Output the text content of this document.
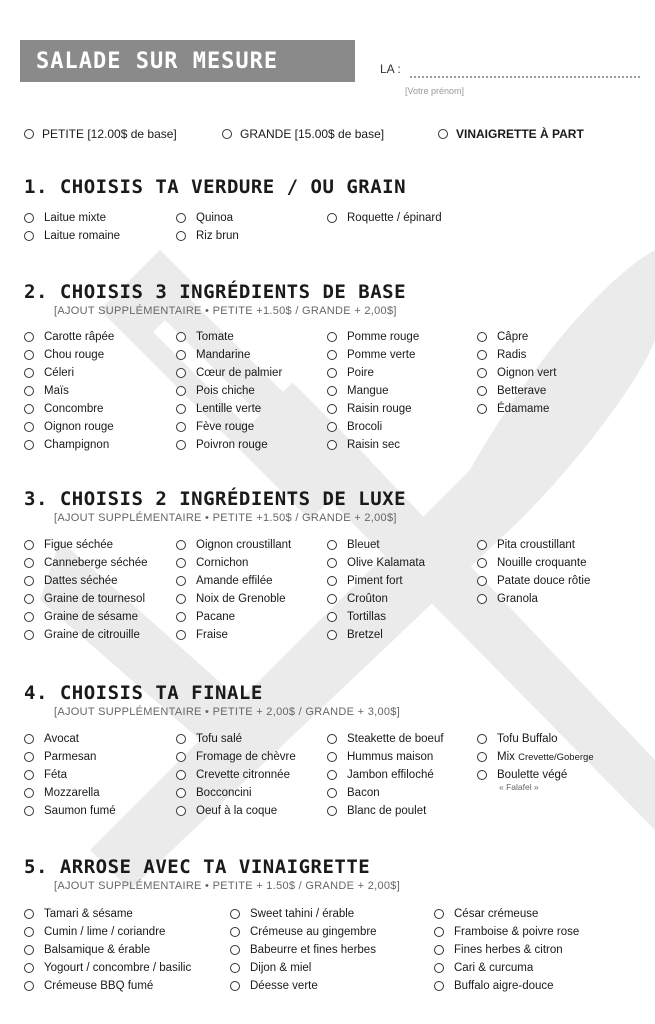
SALADE SUR MESURE	LA :
[Votre prénom]
PETITE [12.00$ de base]	GRANDE [15.00$ de base]	VINAIGRETTE À PART
1. CHOISIS TA VERDURE / OU GRAIN
Laitue mixte
Laitue romaine
Quinoa
Riz brun
Roquette / épinard
2. CHOISIS 3 INGRÉDIENTS DE BASE
[AJOUT SUPPLÉMENTAIRE • PETITE +1.50$ / GRANDE + 2,00$]
Carotte râpée
Chou rouge
Céleri
Maïs
Concombre
Oignon rouge
Champignon
Tomate
Mandarine
Cœur de palmier
Pois chiche
Lentille verte
Fève rouge
Poivron rouge
Pomme rouge
Pomme verte
Poire
Mangue
Raisin rouge
Brocoli
Raisin sec
Câpre
Radis
Oignon vert
Betterave
Édamame
3. CHOISIS 2 INGRÉDIENTS DE LUXE
[AJOUT SUPPLÉMENTAIRE • PETITE +1.50$ / GRANDE + 2,00$]
Figue séchée
Canneberge séchée
Dattes séchée
Graine de tournesol
Graine de sésame
Graine de citrouille
Oignon croustillant
Cornichon
Amande effilée
Noix de Grenoble
Pacane
Fraise
Bleuet
Olive Kalamata
Piment fort
Croûton
Tortillas
Bretzel
Pita croustillant
Nouille croquante
Patate douce rôtie
Granola
4. CHOISIS TA FINALE
[AJOUT SUPPLÉMENTAIRE • PETITE + 2,00$ / GRANDE + 3,00$]
Avocat
Parmesan
Féta
Mozzarella
Saumon fumé
Tofu salé
Fromage de chèvre
Crevette citronnée
Bocconcini
Oeuf à la coque
Steakette de boeuf
Hummus maison
Jambon effiloché
Bacon
Blanc de poulet
Tofu Buffalo
Mix Crevette/Goberge
Boulette végé
« Falafel »
5. ARROSE AVEC TA VINAIGRETTE
[AJOUT SUPPLÉMENTAIRE • PETITE + 1.50$ / GRANDE + 2,00$]
Tamari & sésame
Cumin / lime / coriandre
Balsamique & érable
Yogourt / concombre / basilic
Crémeuse BBQ fumé
Sweet tahini / érable
Crémeuse au gingembre
Babeurre et fines herbes
Dijon & miel
Déesse verte
César crémeuse
Framboise & poivre rose
Fines herbes & citron
Cari & curcuma
Buffalo aigre-douce
